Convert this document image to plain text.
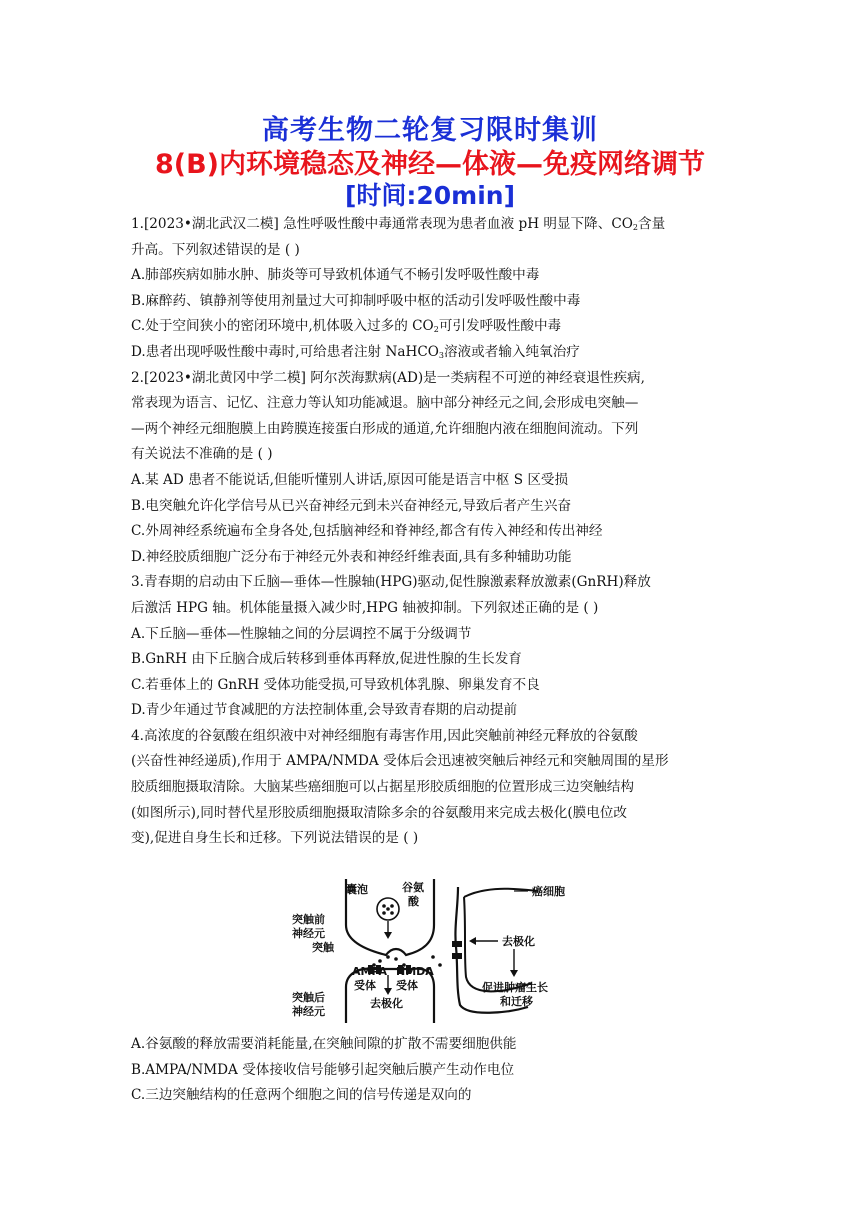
高考生物二轮复习限时集训
8(B)内环境稳态及神经—体液—免疫网络调节
[时间:20min]
1.[2023•湖北武汉二模] 急性呼吸性酸中毒通常表现为患者血液 pH 明显下降、$CO_2$含量
升高。下列叙述错误的是 ( )
A.肺部疾病如肺水肿、肺炎等可导致机体通气不畅引发呼吸性酸中毒
B.麻醉药、镇静剂等使用剂量过大可抑制呼吸中枢的活动引发呼吸性酸中毒
C.处于空间狭小的密闭环境中,机体吸入过多的 $CO_2$可引发呼吸性酸中毒
D.患者出现呼吸性酸中毒时,可给患者注射 NaHCO$_3$溶液或者输入纯氧治疗
2.[2023•湖北黄冈中学二模] 阿尔茨海默病(AD)是一类病程不可逆的神经衰退性疾病,
常表现为语言、记忆、注意力等认知功能减退。脑中部分神经元之间,会形成电突触—
—两个神经元细胞膜上由跨膜连接蛋白形成的通道,允许细胞内液在细胞间流动。下列
有关说法不准确的是 ( )
A.某 AD 患者不能说话,但能听懂别人讲话,原因可能是语言中枢 S 区受损
B.电突触允许化学信号从已兴奋神经元到未兴奋神经元,导致后者产生兴奋
C.外周神经系统遍布全身各处,包括脑神经和脊神经,都含有传入神经和传出神经
D.神经胶质细胞广泛分布于神经元外表和神经纤维表面,具有多种辅助功能
3.青春期的启动由下丘脑—垂体—性腺轴(HPG)驱动,促性腺激素释放激素(GnRH)释放
后激活 HPG 轴。机体能量摄入减少时,HPG 轴被抑制。下列叙述正确的是 ( )
A.下丘脑—垂体—性腺轴之间的分层调控不属于分级调节
B.GnRH 由下丘脑合成后转移到垂体再释放,促进性腺的生长发育
C.若垂体上的 GnRH 受体功能受损,可导致机体乳腺、卵巢发育不良
D.青少年通过节食减肥的方法控制体重,会导致青春期的启动提前
4.高浓度的谷氨酸在组织液中对神经细胞有毒害作用,因此突触前神经元释放的谷氨酸
(兴奋性神经递质),作用于 AMPA/NMDA 受体后会迅速被突触后神经元和突触周围的星形
胶质细胞摄取清除。大脑某些癌细胞可以占据星形胶质细胞的位置形成三边突触结构
(如图所示),同时替代星形胶质细胞摄取清除多余的谷氨酸用来完成去极化(膜电位改
变),促进自身生长和迁移。下列说法错误的是 ( )
囊泡	谷氨
酸
癌细胞
突触前
神经元
突触	去极化
AMPA
受体
NMDA
受体
去极化
促进肿瘤生长
和迁移
突触后
神经元
A.谷氨酸的释放需要消耗能量,在突触间隙的扩散不需要细胞供能
B.AMPA/NMDA 受体接收信号能够引起突触后膜产生动作电位
C.三边突触结构的任意两个细胞之间的信号传递是双向的
